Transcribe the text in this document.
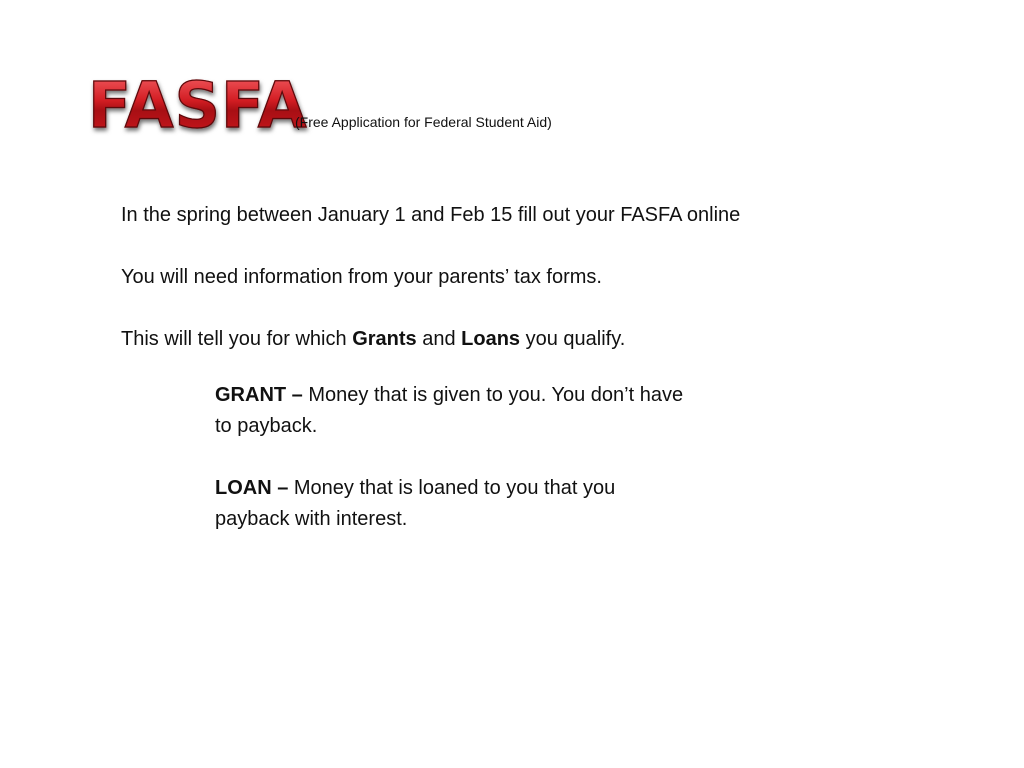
FASFA
(Free Application for Federal Student Aid)
In the spring between January 1 and Feb 15 fill out your FASFA online
You will need information from your parents’ tax forms.
This will tell you for which Grants and Loans you qualify.
GRANT – Money that is given to you. You don’t have to payback.
LOAN – Money that is loaned to you that you payback with interest.
